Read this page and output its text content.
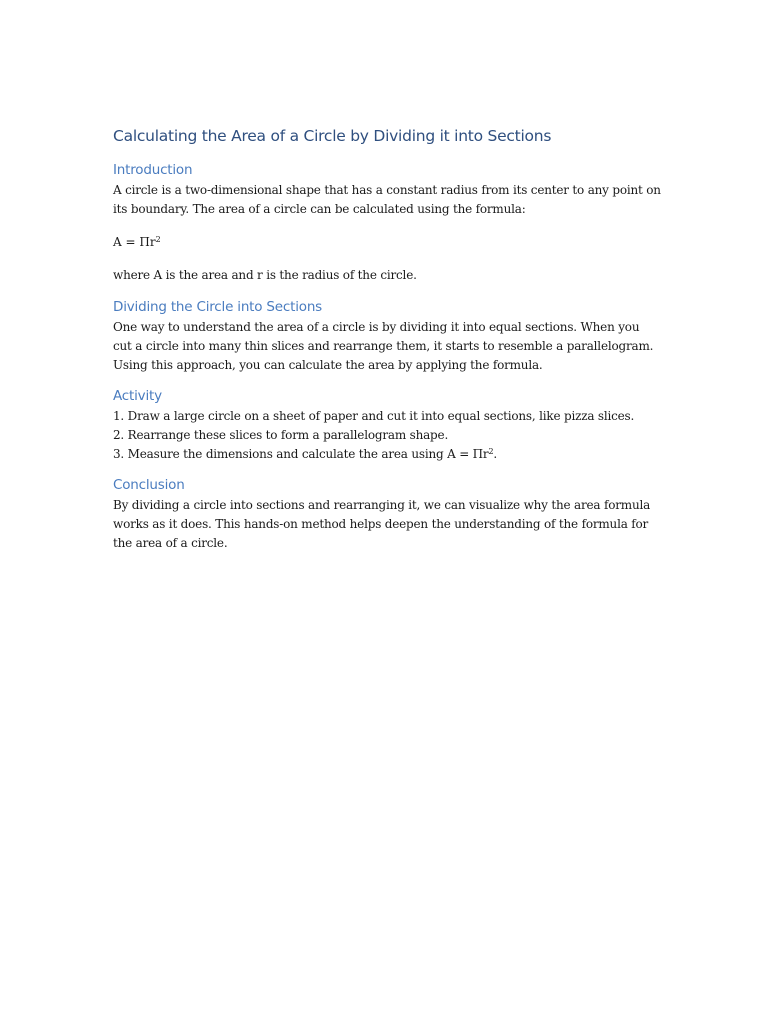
Calculating the Area of a Circle by Dividing it into Sections
Introduction

A circle is a two-dimensional shape that has a constant radius from its center to any point on its boundary. The area of a circle can be calculated using the formula:

$A = \Pi r^2$

where A is the area and r is the radius of the circle.

Dividing the Circle into Sections

One way to understand the area of a circle is by dividing it into equal sections. When you cut a circle into many thin slices and rearrange them, it starts to resemble a parallelogram. Using this approach, you can calculate the area by applying the formula.

Activity
1. Draw a large circle on a sheet of paper and cut it into equal sections, like pizza slices.
2. Rearrange these slices to form a parallelogram shape.
3. Measure the dimensions and calculate the area using $A = \Pi r^2$.
Conclusion

By dividing a circle into sections and rearranging it, we can visualize why the area formula works as it does. This hands-on method helps deepen the understanding of the formula for the area of a circle.
